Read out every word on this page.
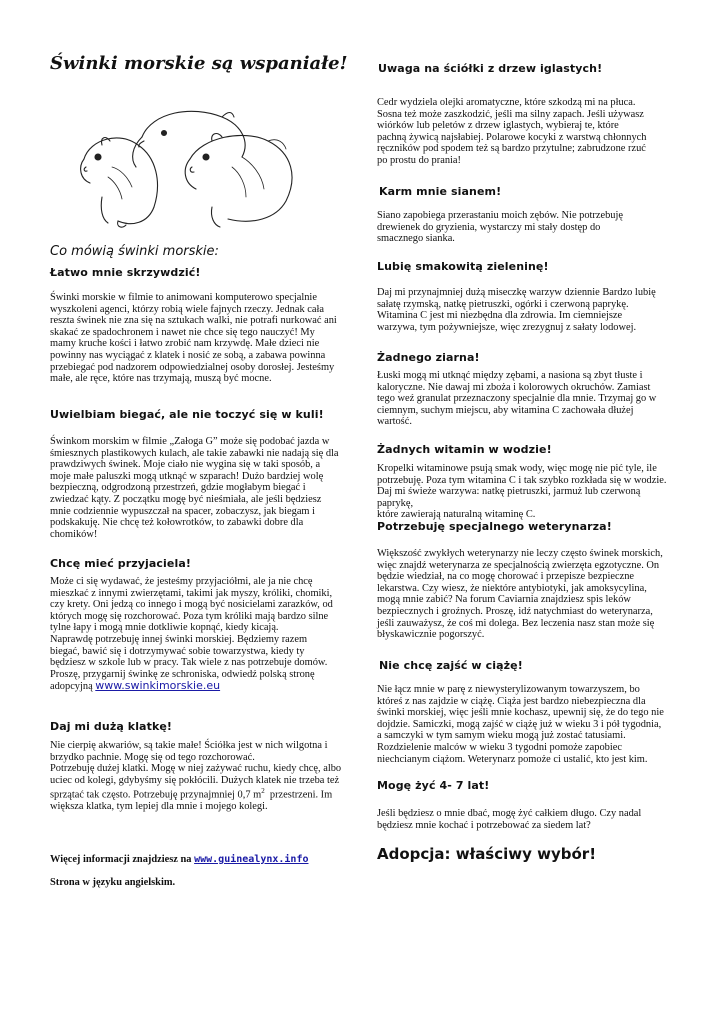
Świnki morskie są wspaniałe!
Co mówią świnki morskie:
Łatwo mnie skrzywdzić!
Świnki morskie w filmie to animowani komputerowo specjalnie
wyszkoleni agenci, którzy robią wiele fajnych rzeczy. Jednak cała
reszta świnek nie zna się na sztukach walki, nie potrafi nurkować ani
skakać ze spadochronem i nawet nie chce się tego nauczyć! My
mamy kruche kości i łatwo zrobić nam krzywdę. Małe dzieci nie
powinny nas wyciągać z klatek i nosić ze sobą, a zabawa powinna
przebiegać pod nadzorem odpowiedzialnej osoby dorosłej. Jesteśmy
małe, ale ręce, które nas trzymają, muszą być mocne.
Uwielbiam biegać, ale nie toczyć się w kuli!
Świnkom morskim w filmie „Załoga G” może się podobać jazda w
śmiesznych plastikowych kulach, ale takie zabawki nie nadają się dla
prawdziwych świnek. Moje ciało nie wygina się w taki sposób, a
moje małe paluszki mogą utknąć w szparach! Dużo bardziej wolę
bezpieczną, odgrodzoną przestrzeń, gdzie mogłabym biegać i
zwiedzać kąty. Z początku mogę być nieśmiała, ale jeśli będziesz
mnie codziennie wypuszczał na spacer, zobaczysz, jak biegam i
podskakuję. Nie chcę też kołowrotków, to zabawki dobre dla
chomików!
Chcę mieć przyjaciela!
Może ci się wydawać, że jesteśmy przyjaciółmi, ale ja nie chcę
mieszkać z innymi zwierzętami, takimi jak myszy, króliki, chomiki,
czy krety. Oni jedzą co innego i mogą być nosicielami zarazków, od
których mogę się rozchorować. Poza tym króliki mają bardzo silne
tylne łapy i mogą mnie dotkliwie kopnąć, kiedy kicają.
Naprawdę potrzebuję innej świnki morskiej. Będziemy razem
biegać, bawić się i dotrzymywać sobie towarzystwa, kiedy ty
będziesz w szkole lub w pracy. Tak wiele z nas potrzebuje domów.
Proszę, przygarnij świnkę ze schroniska, odwiedź polską stronę
adopcyjną www.swinkimorskie.eu
Daj mi dużą klatkę!
Nie cierpię akwariów, są takie małe! Ściółka jest w nich wilgotna i
brzydko pachnie. Mogę się od tego rozchorować.
Potrzebuję dużej klatki. Mogę w niej zażywać ruchu, kiedy chcę, albo
uciec od kolegi, gdybyśmy się pokłócili. Dużych klatek nie trzeba też
sprzątać tak często. Potrzebuję przynajmniej 0,7 $m^2$  przestrzeni. Im
większa klatka, tym lepiej dla mnie i mojego kolegi.
Więcej informacji znajdziesz na www.guinealynx.info
Strona w języku angielskim.
Uwaga na ściółki z drzew iglastych!
Cedr wydziela olejki aromatyczne, które szkodzą mi na płuca.
Sosna też może zaszkodzić, jeśli ma silny zapach. Jeśli używasz
wiórków lub peletów z drzew iglastych, wybieraj te, które
pachną żywicą najsłabiej. Polarowe kocyki z warstwą chłonnych
ręczników pod spodem też są bardzo przytulne; zabrudzone rzuć
po prostu do prania!
Karm mnie sianem!
Siano zapobiega przerastaniu moich zębów. Nie potrzebuję
drewienek do gryzienia, wystarczy mi stały dostęp do
smacznego sianka.
Lubię smakowitą zieleninę!
Daj mi przynajmniej dużą miseczkę warzyw dziennie Bardzo lubię
sałatę rzymską, natkę pietruszki, ogórki i czerwoną paprykę.
Witamina C jest mi niezbędna dla zdrowia. Im ciemniejsze
warzywa, tym pożywniejsze, więc zrezygnuj z sałaty lodowej.
Żadnego ziarna!
Łuski mogą mi utknąć między zębami, a nasiona są zbyt tłuste i
kaloryczne. Nie dawaj mi zboża i kolorowych okruchów. Zamiast
tego weź granulat przeznaczony specjalnie dla mnie. Trzymaj go w
ciemnym, suchym miejscu, aby witamina C zachowała dłużej
wartość.
Żadnych witamin w wodzie!
Kropelki witaminowe psują smak wody, więc mogę nie pić tyle, ile
potrzebuję. Poza tym witamina C i tak szybko rozkłada się w wodzie.
Daj mi świeże warzywa: natkę pietruszki, jarmuż lub czerwoną paprykę,
które zawierają naturalną witaminę C.
Potrzebuję specjalnego weterynarza!
Większość zwykłych weterynarzy nie leczy często świnek morskich,
więc znajdź weterynarza ze specjalnością zwierzęta egzotyczne. On
będzie wiedział, na co mogę chorować i przepisze bezpieczne
lekarstwa. Czy wiesz, że niektóre antybiotyki, jak amoksycylina,
mogą mnie zabić? Na forum Caviarnia znajdziesz spis leków
bezpiecznych i groźnych. Proszę, idź natychmiast do weterynarza,
jeśli zauważysz, że coś mi dolega. Bez leczenia nasz stan może się
błyskawicznie pogorszyć.
Nie chcę zajść w ciążę!
Nie łącz mnie w parę z niewysterylizowanym towarzyszem, bo
któreś z nas zajdzie w ciążę. Ciąża jest bardzo niebezpieczna dla
świnki morskiej, więc jeśli mnie kochasz, upewnij się, że do tego nie
dojdzie. Samiczki, mogą zajść w ciążę już w wieku 3 i pół tygodnia,
a samczyki w tym samym wieku mogą już zostać tatusiami.
Rozdzielenie malców w wieku 3 tygodni pomoże zapobiec
niechcianym ciążom. Weterynarz pomoże ci ustalić, kto jest kim.
Mogę żyć 4- 7 lat!
Jeśli będziesz o mnie dbać, mogę żyć całkiem długo. Czy nadal
będziesz mnie kochać i potrzebować za siedem lat?
Adopcja: właściwy wybór!
